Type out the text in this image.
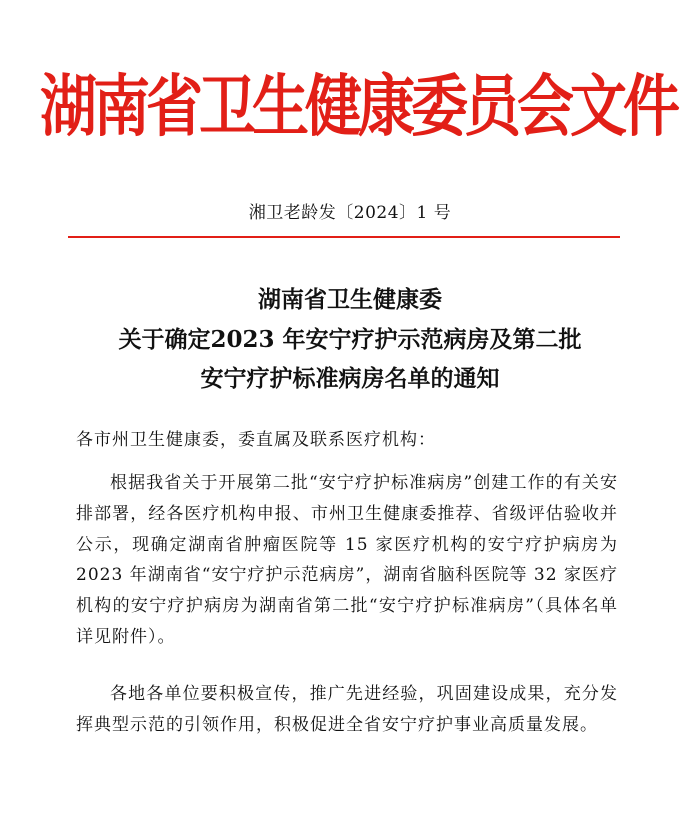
湖南省卫生健康委员会文件
湘卫老龄发〔2024〕1 号
湖南省卫生健康委
关于确定2023 年安宁疗护示范病房及第二批
安宁疗护标准病房名单的通知
各市州卫生健康委，委直属及联系医疗机构：
根据我省关于开展第二批“安宁疗护标准病房”创建工作的有关安排部署，经各医疗机构申报、市州卫生健康委推荐、省级评估验收并公示，现确定湖南省肿瘤医院等 15 家医疗机构的安宁疗护病房为 2023 年湖南省“安宁疗护示范病房”，湖南省脑科医院等 32 家医疗机构的安宁疗护病房为湖南省第二批“安宁疗护标准病房”（具体名单详见附件）。
各地各单位要积极宣传，推广先进经验，巩固建设成果，充分发挥典型示范的引领作用，积极促进全省安宁疗护事业高质量发展。
